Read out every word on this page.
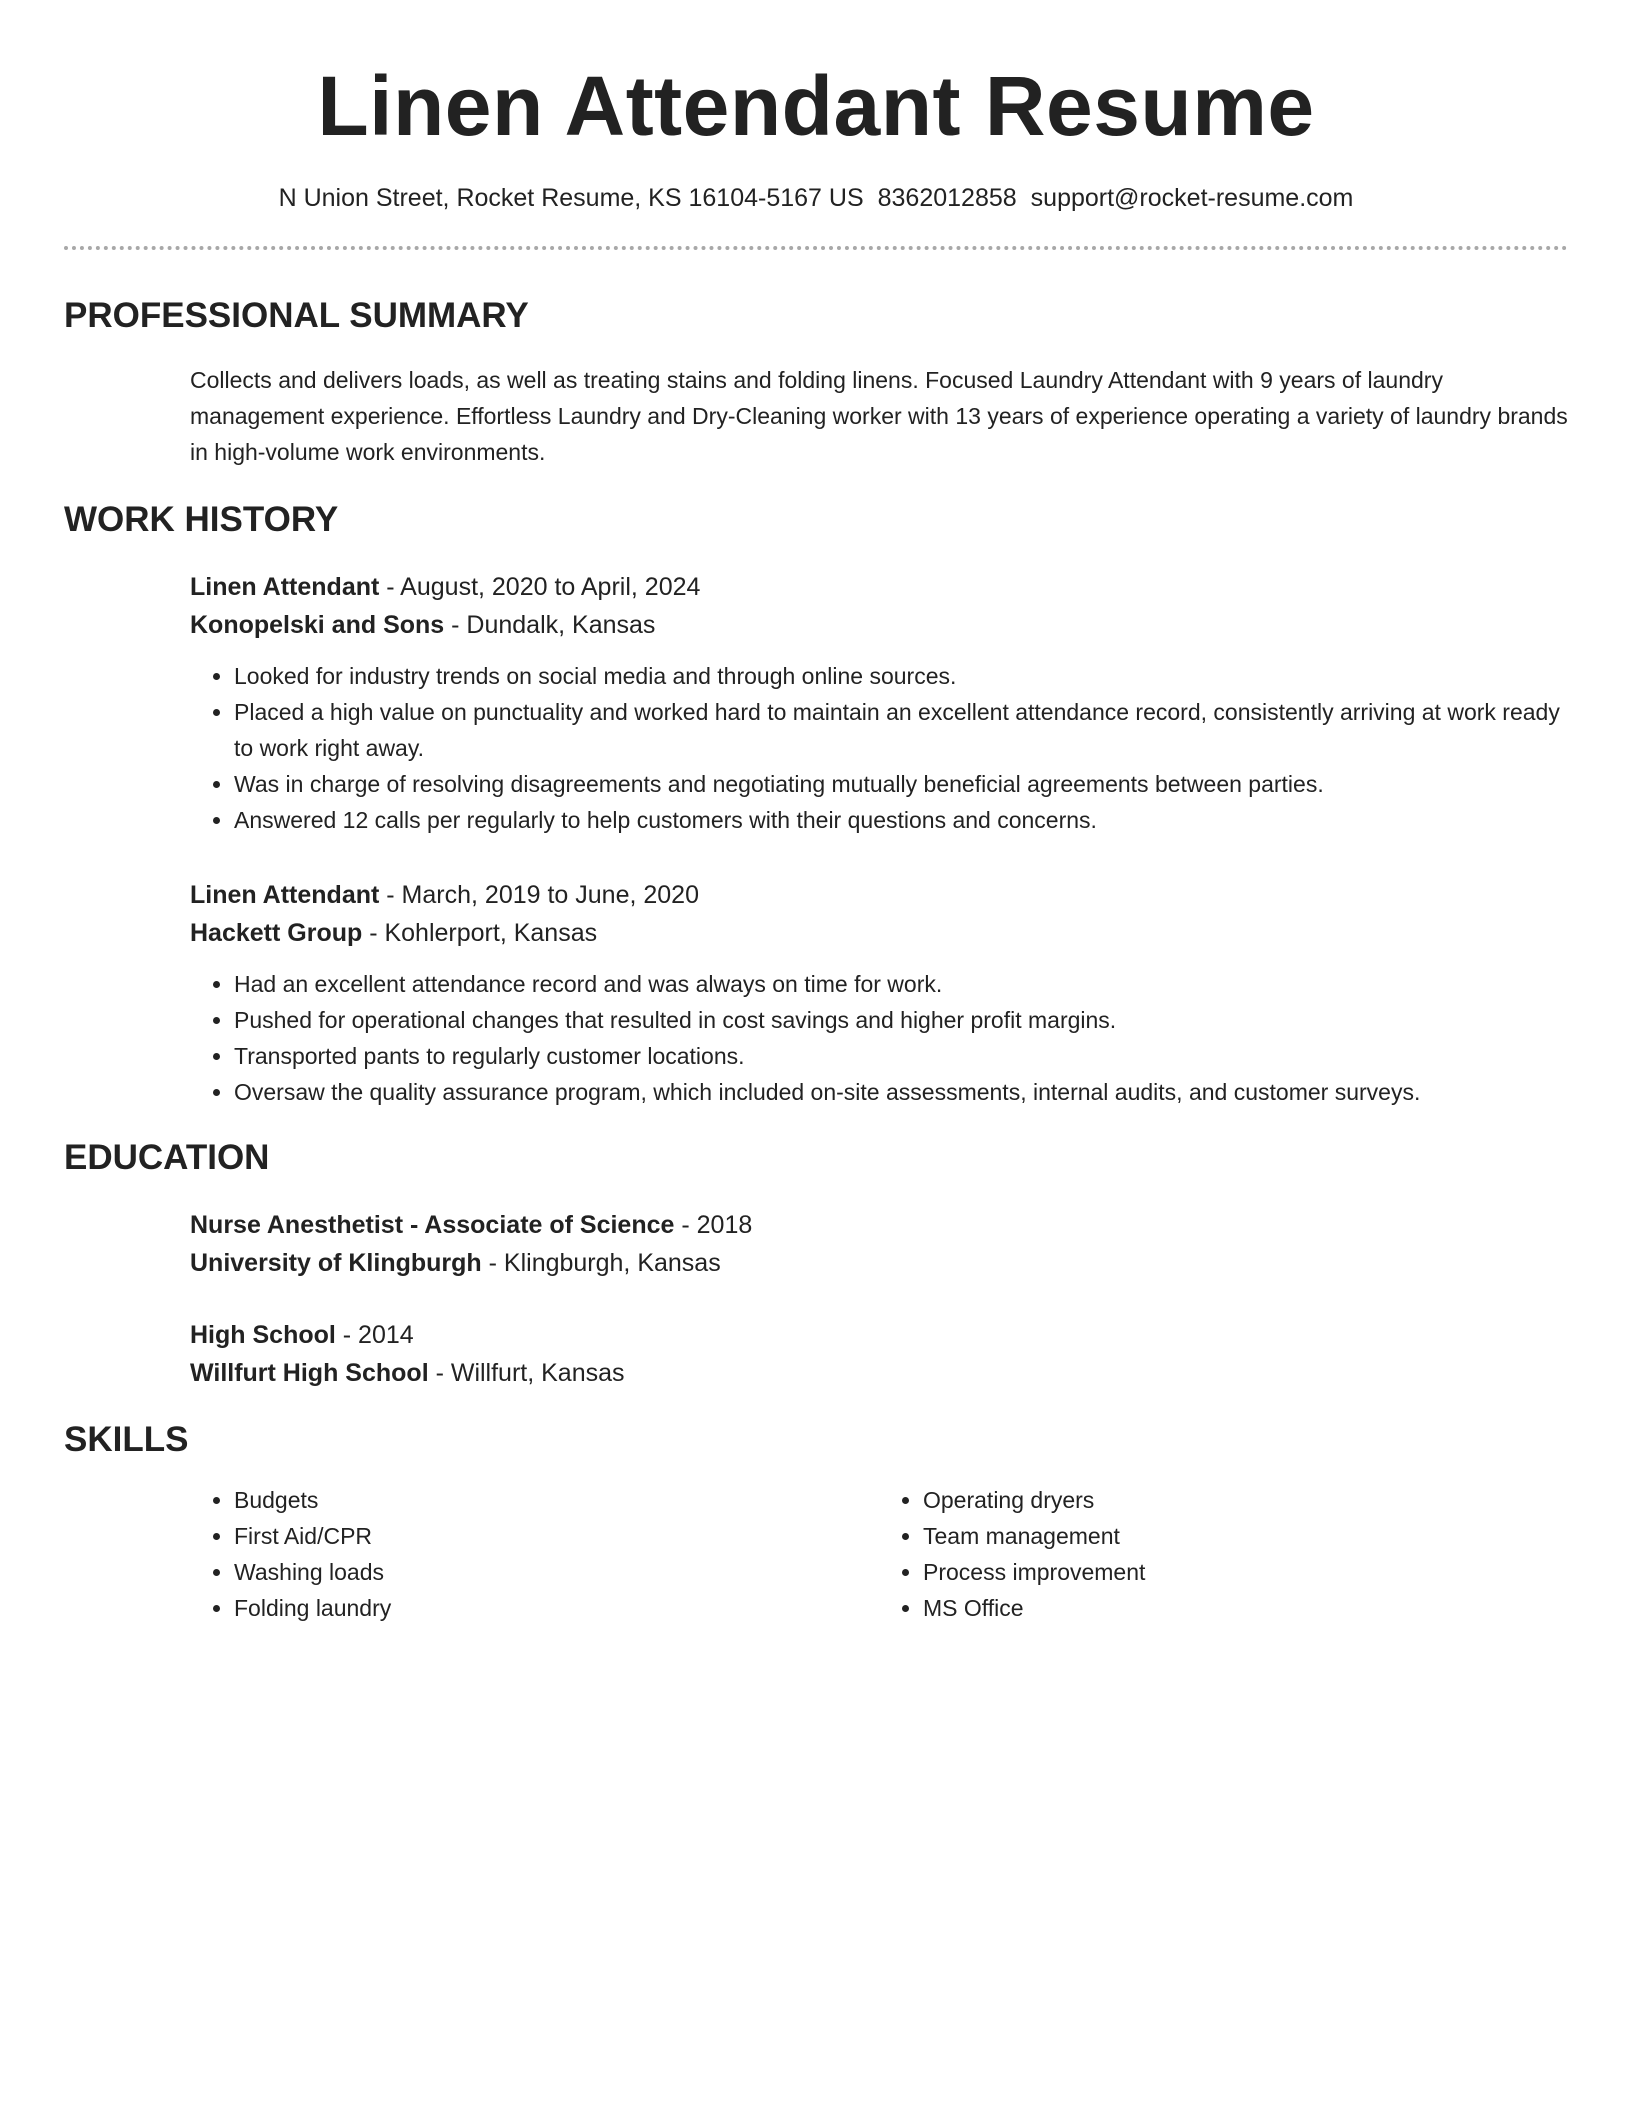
Linen Attendant Resume
N Union Street, Rocket Resume, KS 16104-5167 US 8362012858 support@rocket-resume.com
PROFESSIONAL SUMMARY

Collects and delivers loads, as well as treating stains and folding linens. Focused Laundry Attendant with 9 years of laundry management experience. Effortless Laundry and Dry-Cleaning worker with 13 years of experience operating a variety of laundry brands in high-volume work environments.

WORK HISTORY
Linen Attendant - August, 2020 to April, 2024
Konopelski and Sons - Dundalk, Kansas
• Looked for industry trends on social media and through online sources.
• Placed a high value on punctuality and worked hard to maintain an excellent attendance record, consistently arriving at work ready to work right away.
• Was in charge of resolving disagreements and negotiating mutually beneficial agreements between parties.
• Answered 12 calls per regularly to help customers with their questions and concerns.
Linen Attendant - March, 2019 to June, 2020
Hackett Group - Kohlerport, Kansas
• Had an excellent attendance record and was always on time for work.
• Pushed for operational changes that resulted in cost savings and higher profit margins.
• Transported pants to regularly customer locations.
• Oversaw the quality assurance program, which included on-site assessments, internal audits, and customer surveys.
EDUCATION
Nurse Anesthetist - Associate of Science - 2018
University of Klingburgh - Klingburgh, Kansas
High School - 2014
Willfurt High School - Willfurt, Kansas
SKILLS
• Budgets
• First Aid/CPR
• Washing loads
• Folding laundry
• Operating dryers
• Team management
• Process improvement
• MS Office
